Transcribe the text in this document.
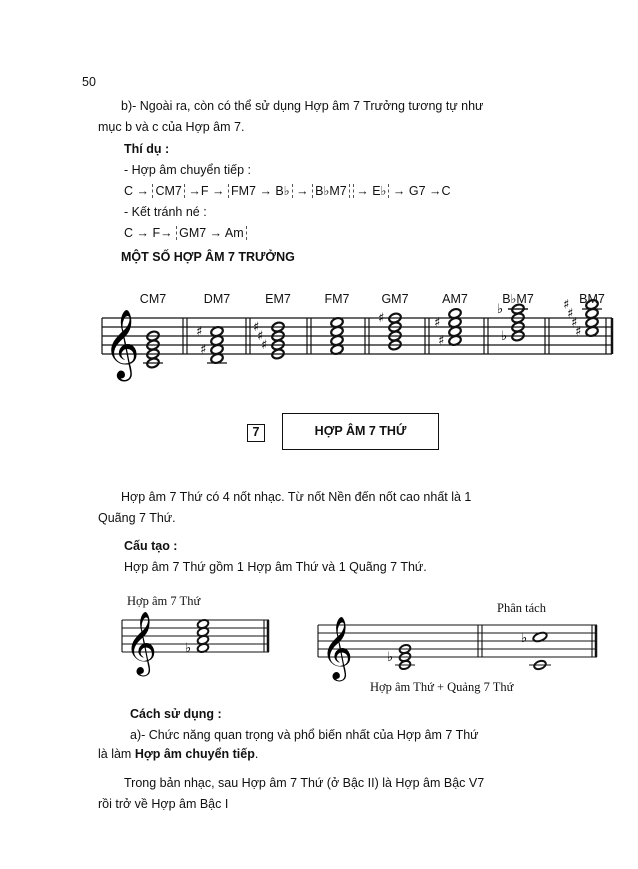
50
b)- Ngoài ra, còn có thể sử dụng Hợp âm 7 Trưởng tương tự như
mục b và c của Hợp âm 7.
Thí dụ :
- Hợp âm chuyển tiếp :
C → CM7 →F → FM7 → B♭ → B♭M7 → E♭ → G7 →C
- Kết tránh né :
C → F→ GM7 → Am
MỘT SỐ HỢP ÂM 7 TRƯỞNG
𝄞	♯
♯
♯
♯
♯
♯
♯
♯
♭
♭
♯
♯
♯
♯
CM7	DM7	EM7	FM7	GM7	AM7	B♭M7	BM7
7	HỢP ÂM 7 THỨ
Hợp âm 7 Thứ có 4 nốt nhạc. Từ nốt Nền đến nốt cao nhất là 1
Quãng 7 Thứ.
Cấu tạo :
Hợp âm 7 Thứ gồm 1 Hợp âm Thứ và 1 Quãng 7 Thứ.
Hợp âm 7 Thứ	Phân tách
Hợp âm Thứ + Quảng 7 Thứ
𝄞 ♭ 𝄞	♭
♭
Cách sử dụng :
a)- Chức năng quan trọng và phổ biến nhất của Hợp âm 7 Thứ
là làm Hợp âm chuyển tiếp.
Trong bản nhạc, sau Hợp âm 7 Thứ (ở Bậc II) là Hợp âm Bậc V7
rồi trở về Hợp âm Bậc I
